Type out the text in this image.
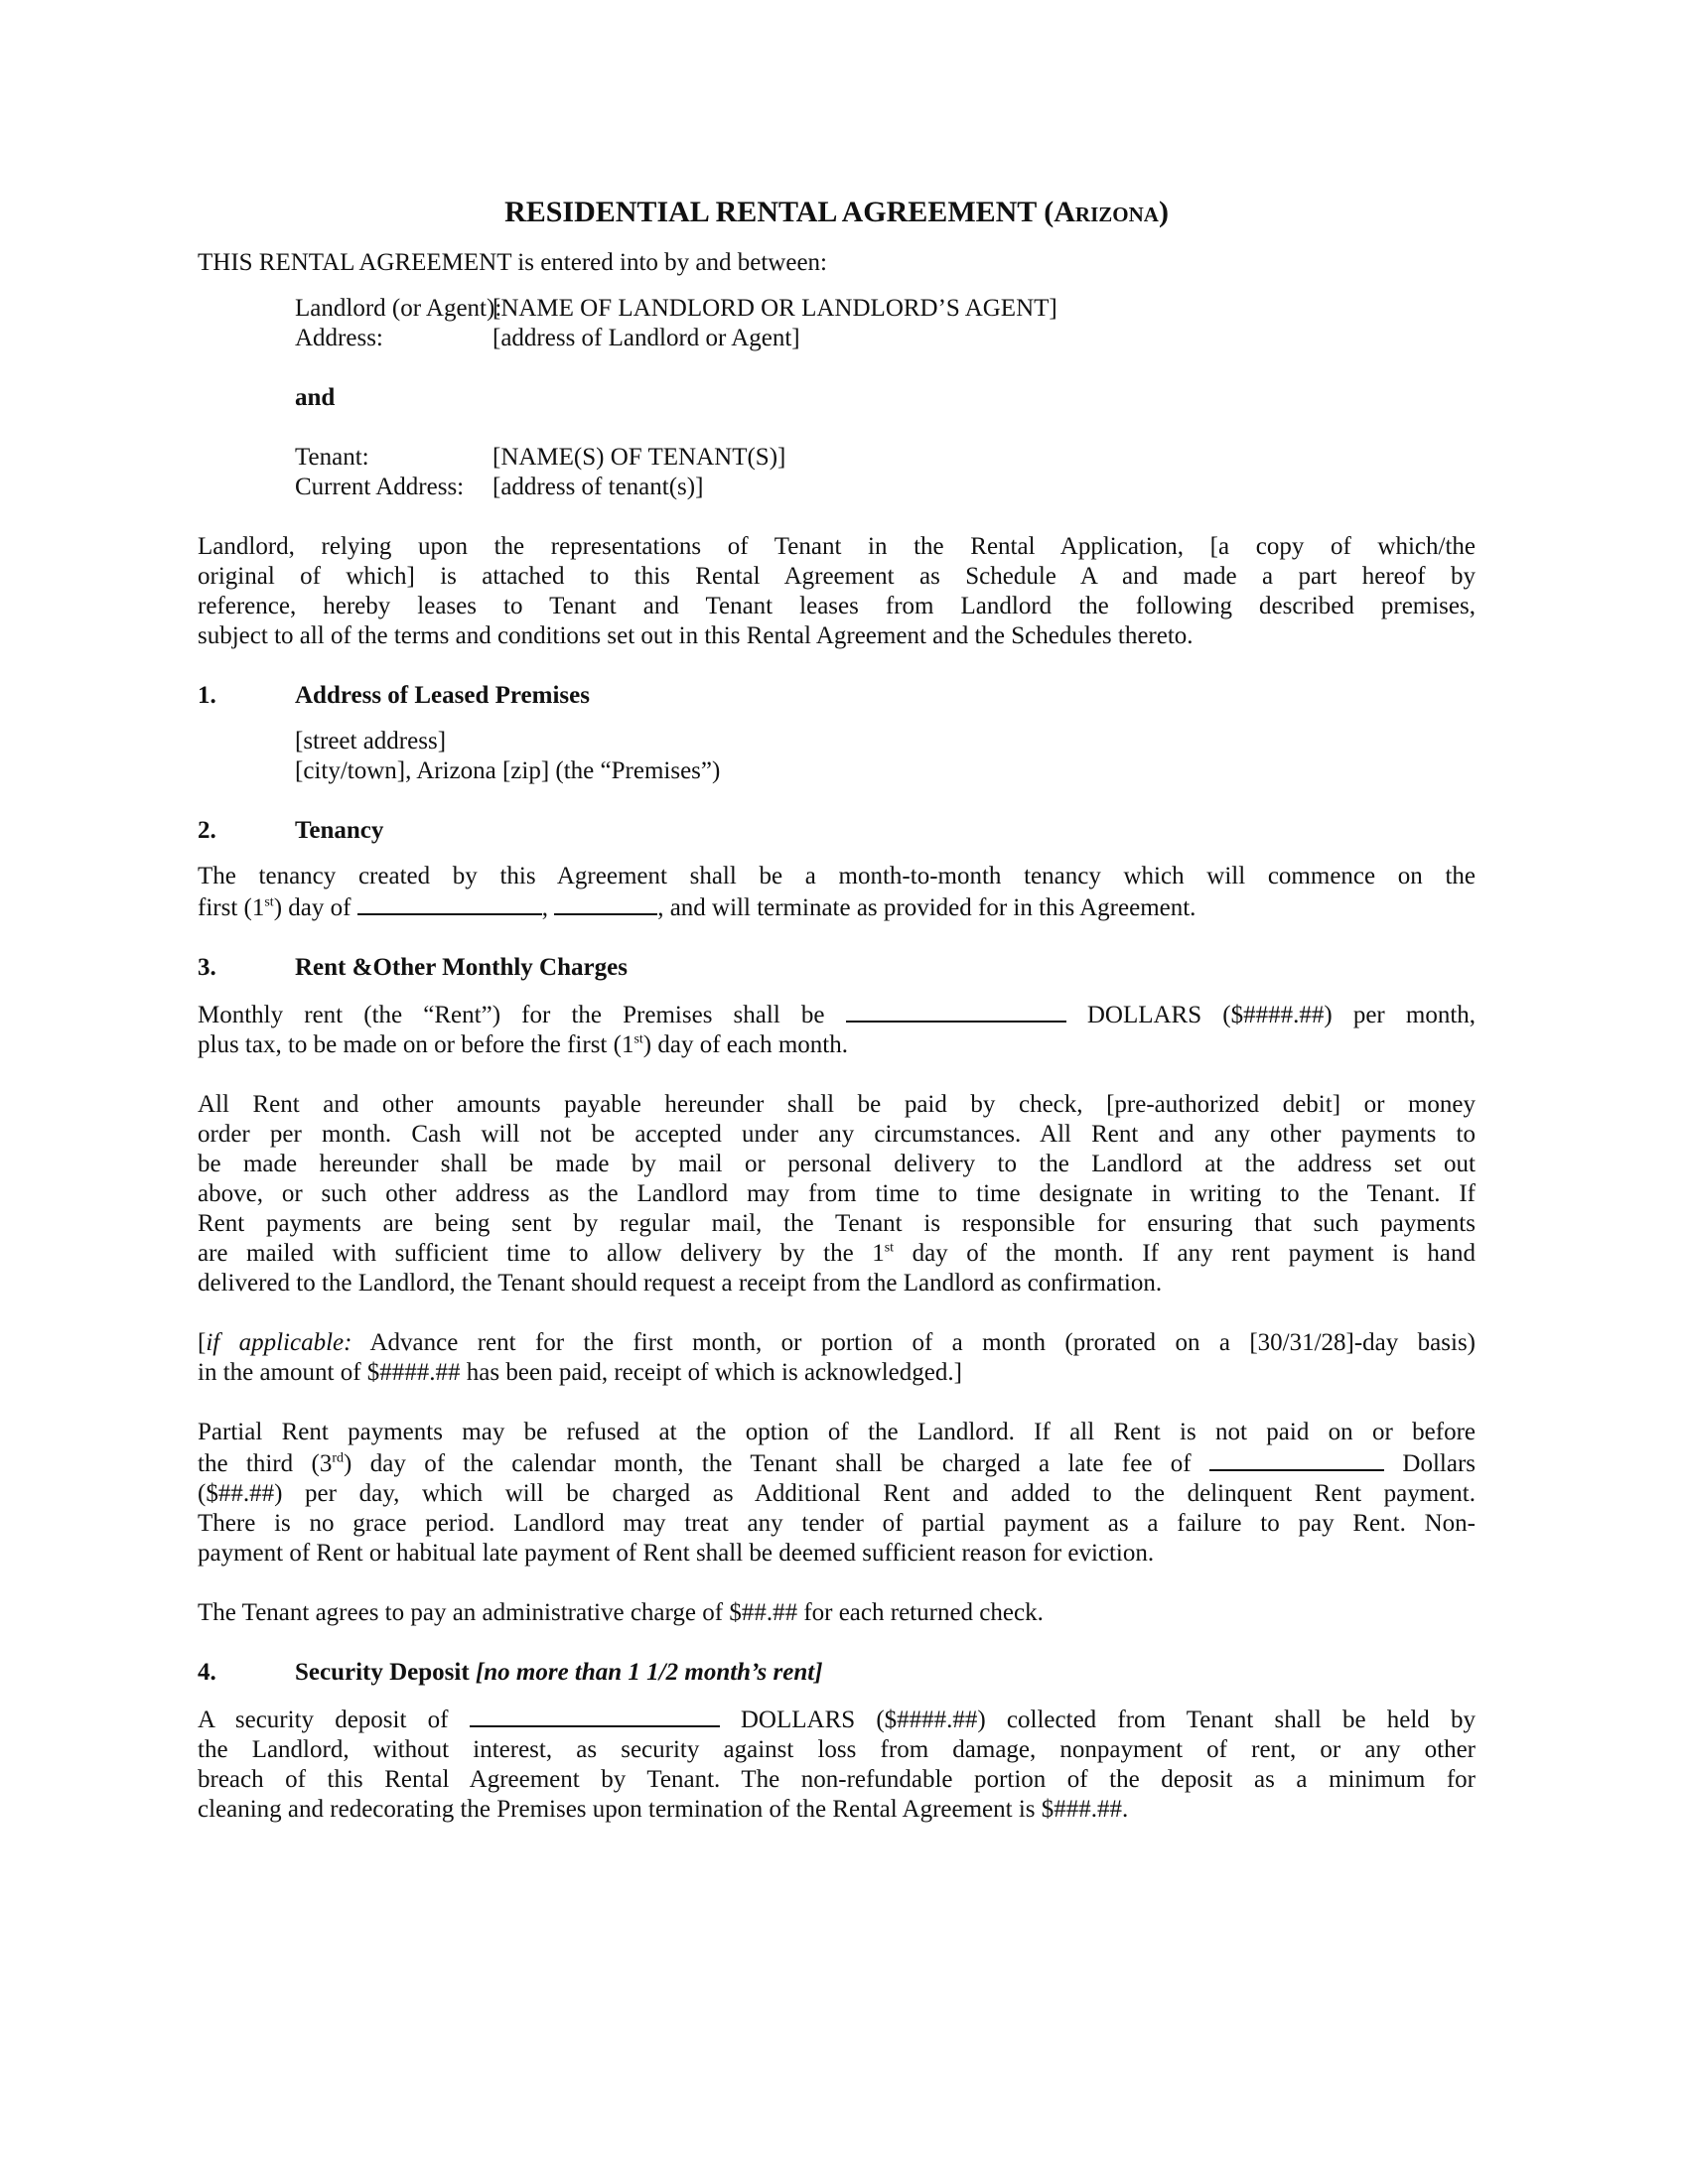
RESIDENTIAL RENTAL AGREEMENT (Arizona)
THIS RENTAL AGREEMENT is entered into by and between:
Landlord (or Agent):
[NAME OF LANDLORD OR LANDLORD’S AGENT]
Address:	[address of Landlord or Agent]
and
Tenant:	[NAME(S) OF TENANT(S)]
Current Address:	[address of tenant(s)]
Landlord, relying upon the representations of Tenant in the Rental Application, [a copy of which/the
original of which] is attached to this Rental Agreement as Schedule A and made a part hereof by
reference, hereby leases to Tenant and Tenant leases from Landlord the following described premises,
subject to all of the terms and conditions set out in this Rental Agreement and the Schedules thereto.
1.	Address of Leased Premises
[street address]
[city/town], Arizona [zip] (the “Premises”)
2.	Tenancy
The tenancy created by this Agreement shall be a month-to-month tenancy which will commence on the
first (1st) day of	,	, and will terminate as provided for in this Agreement.
3.	Rent &Other Monthly Charges
Monthly rent (the “Rent”) for the Premises shall be	DOLLARS ($####.##) per month,
plus tax, to be made on or before the first (1st) day of each month.
All Rent and other amounts payable hereunder shall be paid by check, [pre-authorized debit] or money
order per month. Cash will not be accepted under any circumstances. All Rent and any other payments to
be made hereunder shall be made by mail or personal delivery to the Landlord at the address set out
above, or such other address as the Landlord may from time to time designate in writing to the Tenant. If
Rent payments are being sent by regular mail, the Tenant is responsible for ensuring that such payments
are mailed with sufficient time to allow delivery by the 1st day of the month. If any rent payment is hand
delivered to the Landlord, the Tenant should request a receipt from the Landlord as confirmation.
[if applicable: Advance rent for the first month, or portion of a month (prorated on a [30/31/28]-day basis)
in the amount of $####.## has been paid, receipt of which is acknowledged.]
Partial Rent payments may be refused at the option of the Landlord. If all Rent is not paid on or before
the third (3rd) day of the calendar month, the Tenant shall be charged a late fee of	Dollars
($##.##) per day, which will be charged as Additional Rent and added to the delinquent Rent payment.
There is no grace period. Landlord may treat any tender of partial payment as a failure to pay Rent. Non-
payment of Rent or habitual late payment of Rent shall be deemed sufficient reason for eviction.
The Tenant agrees to pay an administrative charge of $##.## for each returned check.
4.	Security Deposit [no more than 1 1/2 month’s rent]
A security deposit of	DOLLARS ($####.##) collected from Tenant shall be held by
the Landlord, without interest, as security against loss from damage, nonpayment of rent, or any other
breach of this Rental Agreement by Tenant. The non-refundable portion of the deposit as a minimum for
cleaning and redecorating the Premises upon termination of the Rental Agreement is $###.##.
